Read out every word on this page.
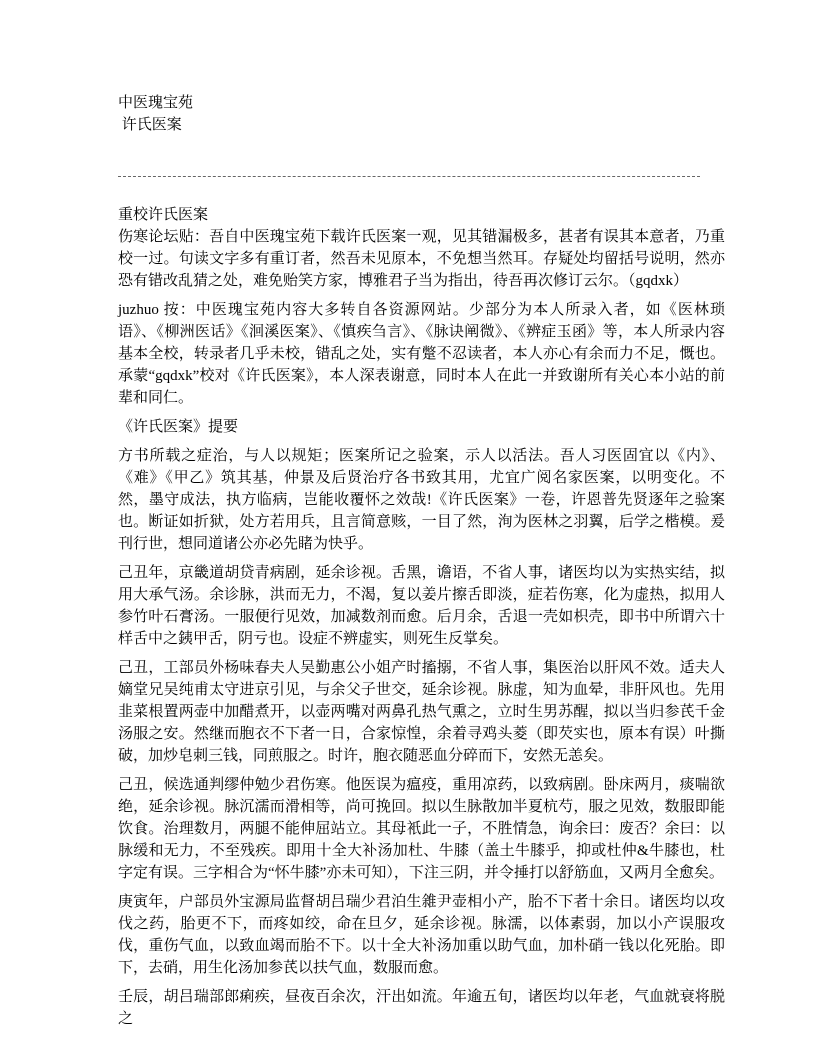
中医瑰宝苑

许氏医案

重校许氏医案

伤寒论坛贴：吾自中医瑰宝苑下载许氏医案一观，见其错漏极多，甚者有误其本意者，乃重校一过。句读文字多有重订者，然吾未见原本，不免想当然耳。存疑处均留括号说明，然亦恐有错改乱猜之处，难免贻笑方家，博雅君子当为指出，待吾再次修订云尔。（gqdxk）

juzhuo 按：中医瑰宝苑内容大多转自各资源网站。少部分为本人所录入者，如《医林琐语》、《柳洲医话》《洄溪医案》、《慎疾刍言》、《脉诀阐微》、《辨症玉函》等，本人所录内容基本全校，转录者几乎未校，错乱之处，实有蹩不忍读者，本人亦心有余而力不足，慨也。承蒙“gqdxk”校对《许氏医案》，本人深表谢意，同时本人在此一并致谢所有关心本小站的前辈和同仁。

《许氏医案》提要

方书所载之症治，与人以规矩；医案所记之验案，示人以活法。吾人习医固宜以《内》、《难》《甲乙》筑其基，仲景及后贤治疗各书致其用，尤宜广阅名家医案，以明变化。不然，墨守成法，执方临病，岂能收覆怀之效哉!《许氏医案》一卷，许恩普先贤逐年之验案也。断证如折狱，处方若用兵，且言简意赅，一目了然，洵为医林之羽翼，后学之楷模。爰刊行世，想同道诸公亦必先睹为快乎。

己丑年，京畿道胡贷青病剧，延余诊视。舌黑，谵语，不省人事，诸医均以为实热实结，拟用大承气汤。余诊脉，洪而无力，不渴，复以姜片擦舌即淡，症若伤寒，化为虚热，拟用人参竹叶石膏汤。一服便行见效，加减数剂而愈。后月余，舌退一壳如枳壳，即书中所谓六十样舌中之銕甲舌，阴亏也。设症不辨虚实，则死生反掌矣。

己丑，工部员外杨味春夫人吴勤惠公小姐产时搐搦，不省人事，集医治以肝风不效。适夫人嫡堂兄吴纯甫太守进京引见，与余父子世交，延余诊视。脉虚，知为血晕，非肝风也。先用韭菜根置两壶中加醋煮开，以壶两嘴对两鼻孔热气熏之，立时生男苏醒，拟以当归参芪千金汤服之安。然继而胞衣不下者一日，合家惊惶，余着寻鸡头菱（即芡实也，原本有误）叶撕破，加炒皂刺三钱，同煎服之。时许，胞衣随恶血分碎而下，安然无恙矣。

己丑，候选通判缪仲勉少君伤寒。他医误为瘟疫，重用凉药，以致病剧。卧床两月，痰喘欲绝，延余诊视。脉沉濡而滑相等，尚可挽回。拟以生脉散加半夏杭芍，服之见效，数服即能饮食。治理数月，两腿不能伸屈站立。其母衹此一子，不胜情急，询余曰：废否？余曰：以脉缓和无力，不至残疾。即用十全大补汤加杜、牛膝（盖土牛膝乎，抑或杜仲&牛膝也，杜字定有误。三字相合为“怀牛膝”亦未可知），下注三阴，并令捶打以舒筋血，又两月全愈矣。

庚寅年，户部员外宝源局监督胡吕瑞少君泊生雓尹壶相小产，胎不下者十余日。诸医均以攻伐之药，胎更不下，而疼如绞，命在旦夕，延余诊视。脉濡，以体素弱，加以小产误服攻伐，重伤气血，以致血竭而胎不下。以十全大补汤加重以助气血，加朴硝一钱以化死胎。即下，去硝，用生化汤加参芪以扶气血，数服而愈。

壬辰，胡吕瑞部郎痢疾，昼夜百余次，汗出如流。年逾五旬，诸医均以年老，气血就衰将脱之
